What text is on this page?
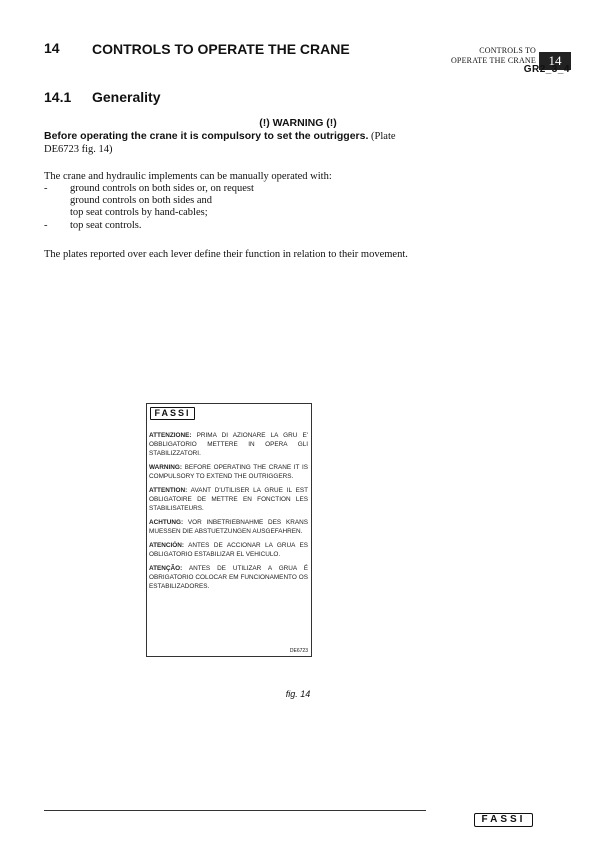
CONTROLS TO
OPERATE THE CRANE 14
GR2_3_4
14 CONTROLS TO OPERATE THE CRANE
14.1 Generality
(!) WARNING (!)
Before operating the crane it is compulsory to set the outriggers. (Plate DE6723 fig. 14)
The crane and hydraulic implements can be manually operated with:
- ground controls on both sides or, on request
ground controls on both sides and
top seat controls by hand-cables;
- top seat controls.
The plates reported over each lever define their function in relation to their movement.
FASSI
ATTENZIONE: PRIMA DI AZIONARE LA GRU E' OBBLIGATORIO METTERE IN OPERA GLI STABILIZZATORI.
WARNING: BEFORE OPERATING THE CRANE IT IS COMPULSORY TO EXTEND THE OUTRIGGERS.
ATTENTION: AVANT D'UTILISER LA GRUE IL EST OBLIGATOIRE DE METTRE EN FONCTION LES STABILISATEURS.
ACHTUNG: VOR INBETRIEBNAHME DES KRANS MUESSEN DIE ABSTUETZUNGEN AUSGEFAHREN.
ATENCIÓN: ANTES DE ACCIONAR LA GRUA ES OBLIGATORIO ESTABILIZAR EL VEHICULO.
ATENÇÃO: ANTES DE UTILIZAR A GRUA É OBRIGATORIO COLOCAR EM FUNCIONAMENTO OS ESTABILIZADORES.
DE6723
fig. 14
FASSI
